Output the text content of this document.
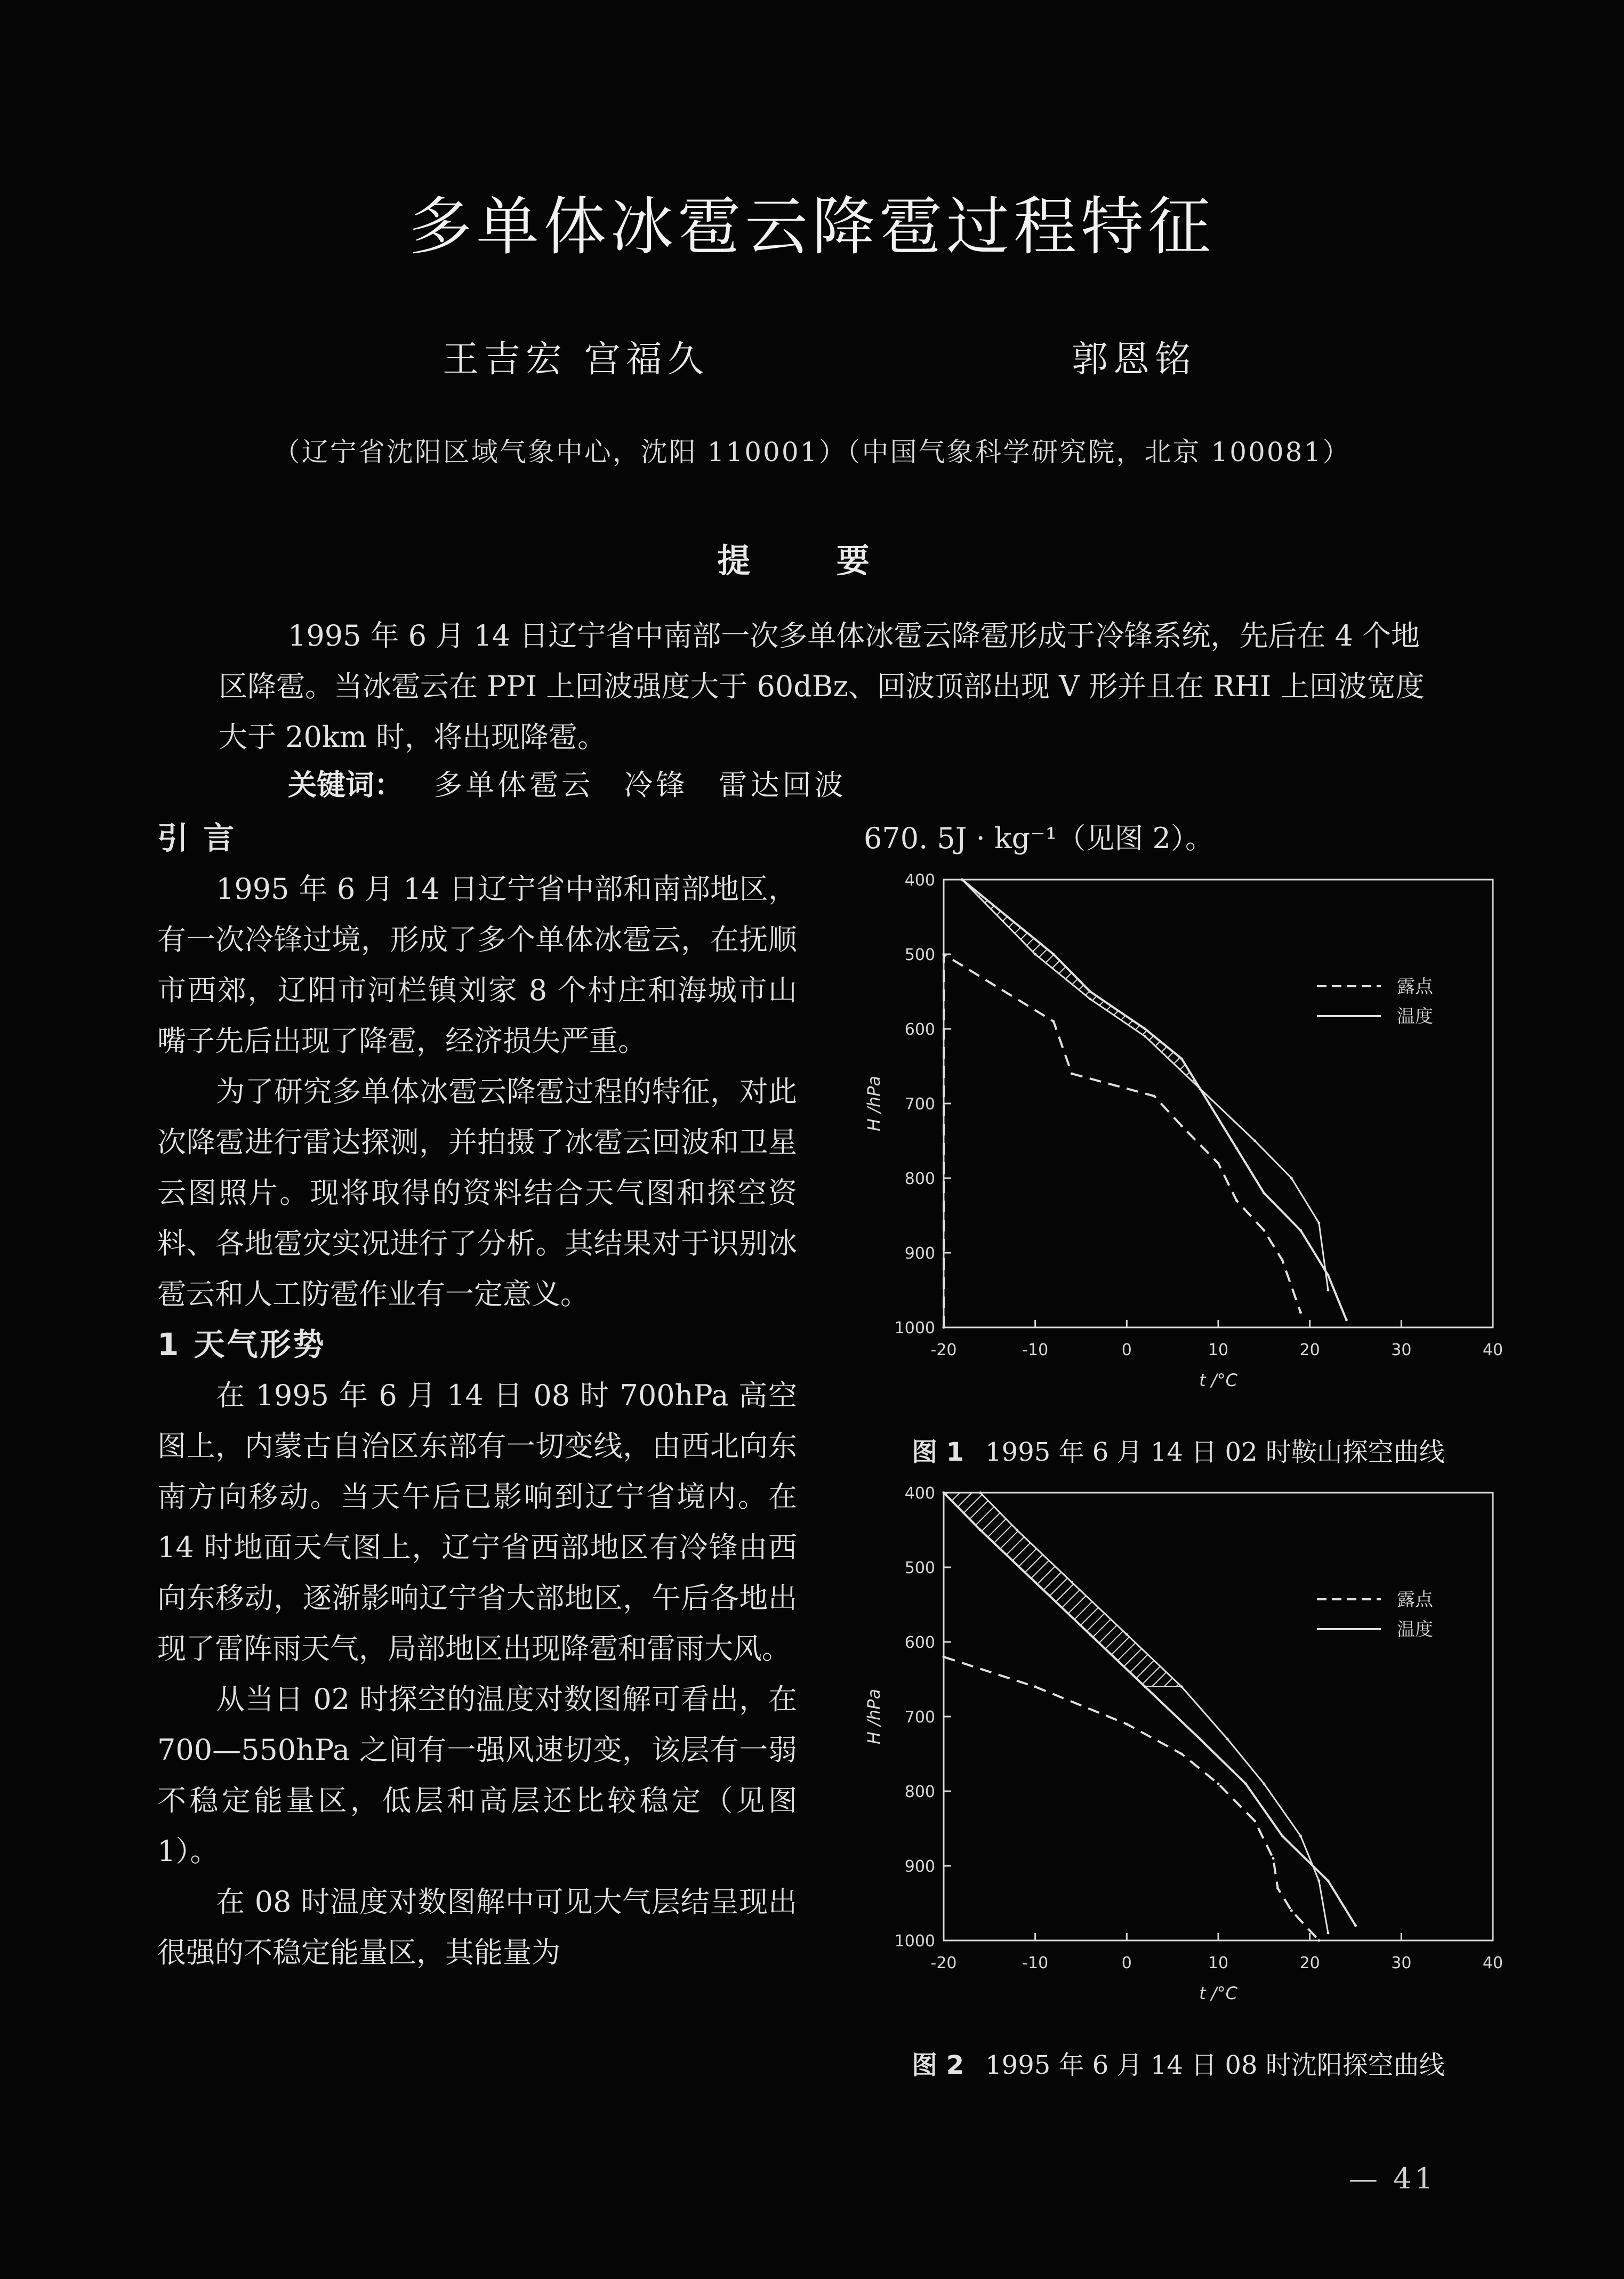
多单体冰雹云降雹过程特征
王吉宏 宫福久	郭恩铭
（辽宁省沈阳区域气象中心，沈阳 110001）（中国气象科学研究院，北京 100081）
提 要

1995 年 6 月 14 日辽宁省中南部一次多单体冰雹云降雹形成于冷锋系统，先后在 4 个地区降雹。当冰雹云在 PPI 上回波强度大于 60dBz、回波顶部出现 V 形并且在 RHI 上回波宽度大于 20km 时，将出现降雹。

关键词： 多单体雹云 冷锋 雷达回波
引 言

1995 年 6 月 14 日辽宁省中部和南部地区，有一次冷锋过境，形成了多个单体冰雹云，在抚顺市西郊，辽阳市河栏镇刘家 8 个村庄和海城市山嘴子先后出现了降雹，经济损失严重。

为了研究多单体冰雹云降雹过程的特征，对此次降雹进行雷达探测，并拍摄了冰雹云回波和卫星云图照片。现将取得的资料结合天气图和探空资料、各地雹灾实况进行了分析。其结果对于识别冰雹云和人工防雹作业有一定意义。

1 天气形势

在 1995 年 6 月 14 日 08 时 700hPa 高空图上，内蒙古自治区东部有一切变线，由西北向东南方向移动。当天午后已影响到辽宁省境内。在 14 时地面天气图上，辽宁省西部地区有冷锋由西向东移动，逐渐影响辽宁省大部地区，午后各地出现了雷阵雨天气，局部地区出现降雹和雷雨大风。

从当日 02 时探空的温度对数图解可看出，在 700—550hPa 之间有一强风速切变，该层有一弱不稳定能量区，低层和高层还比较稳定（见图 1）。

在 08 时温度对数图解中可见大气层结呈现出很强的不稳定能量区，其能量为

670. 5J · kg⁻¹（见图 2）。
-20	-10	0	10	20	30	40
400
500
600
700
800
900
1000
t /°C
H /hPa
露点
温度
图 1 1995 年 6 月 14 日 02 时鞍山探空曲线
-20	-10	0	10	20	30	40
400
500
600
700
800
900
1000
t /°C
H /hPa
露点
温度
图 2 1995 年 6 月 14 日 08 时沈阳探空曲线
— 41
